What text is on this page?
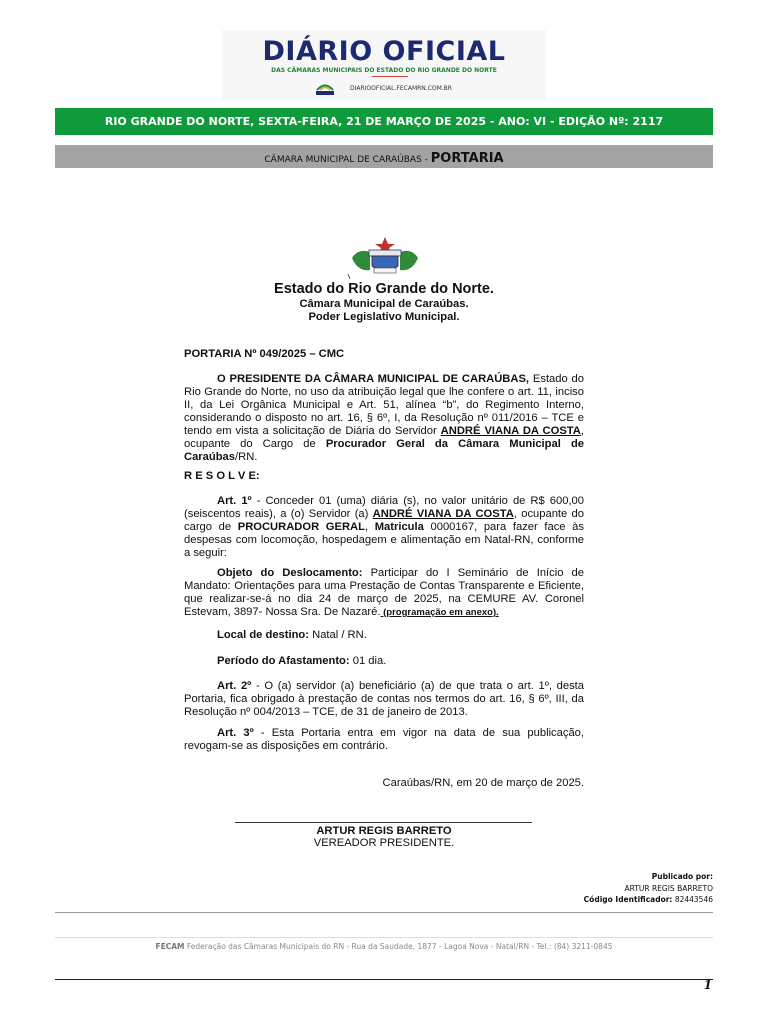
DIÁRIO OFICIAL
DAS CÂMARAS MUNICIPAIS DO ESTADO DO RIO GRANDE DO NORTE
DIARIOOFICIAL.FECAMRN.COM.BR
RIO GRANDE DO NORTE, SEXTA-FEIRA, 21 DE MARÇO DE 2025 - ANO: VI - EDIÇÃO Nº: 2117
CÂMARA MUNICIPAL DE CARAÚBAS - PORTARIA
Estado do Rio Grande do Norte.
Câmara Municipal de Caraúbas.
Poder Legislativo Municipal.
PORTARIA Nº 049/2025 – CMC
O PRESIDENTE DA CÂMARA MUNICIPAL DE CARAÚBAS, Estado do Rio Grande do Norte, no uso da atribuição legal que lhe confere o art. 11, inciso II, da Lei Orgânica Municipal e Art. 51, alínea “b”, do Regimento Interno, considerando o disposto no art. 16, § 6º, I, da Resolução nº 011/2016 – TCE e tendo em vista a solicitação de Diária do Servidor ANDRÉ VIANA DA COSTA, ocupante do Cargo de Procurador Geral da Câmara Municipal de Caraúbas/RN.
R E S O L V E:
Art. 1º - Conceder 01 (uma) diária (s), no valor unitário de R$ 600,00 (seiscentos reais), a (o) Servidor (a) ANDRÉ VIANA DA COSTA, ocupante do cargo de PROCURADOR GERAL, Matricula 0000167, para fazer face às despesas com locomoção, hospedagem e alimentação em Natal-RN, conforme a seguir:
Objeto do Deslocamento: Participar do I Seminário de Início de Mandato: Orientações para uma Prestação de Contas Transparente e Eficiente, que realizar-se-á no dia 24 de março de 2025, na CEMURE AV. Coronel Estevam, 3897- Nossa Sra. De Nazaré. (programação em anexo).
Local de destino: Natal / RN.
Período do Afastamento: 01 dia.
Art. 2º - O (a) servidor (a) beneficiário (a) de que trata o art. 1º, desta Portaria, fica obrigado à prestação de contas nos termos do art. 16, § 6º, III, da Resolução nº 004/2013 – TCE, de 31 de janeiro de 2013.
Art. 3º - Esta Portaria entra em vigor na data de sua publicação, revogam-se as disposições em contrário.
Caraúbas/RN, em 20 de março de 2025.
ARTUR REGIS BARRETO
VEREADOR PRESIDENTE.
Publicado por:
ARTUR REGIS BARRETO
Código Identificador: 82443546
FECAM Federação das Câmaras Municipais do RN - Rua da Saudade, 1877 - Lagoa Nova - Natal/RN - Tel.: (84) 3211-0845
1
